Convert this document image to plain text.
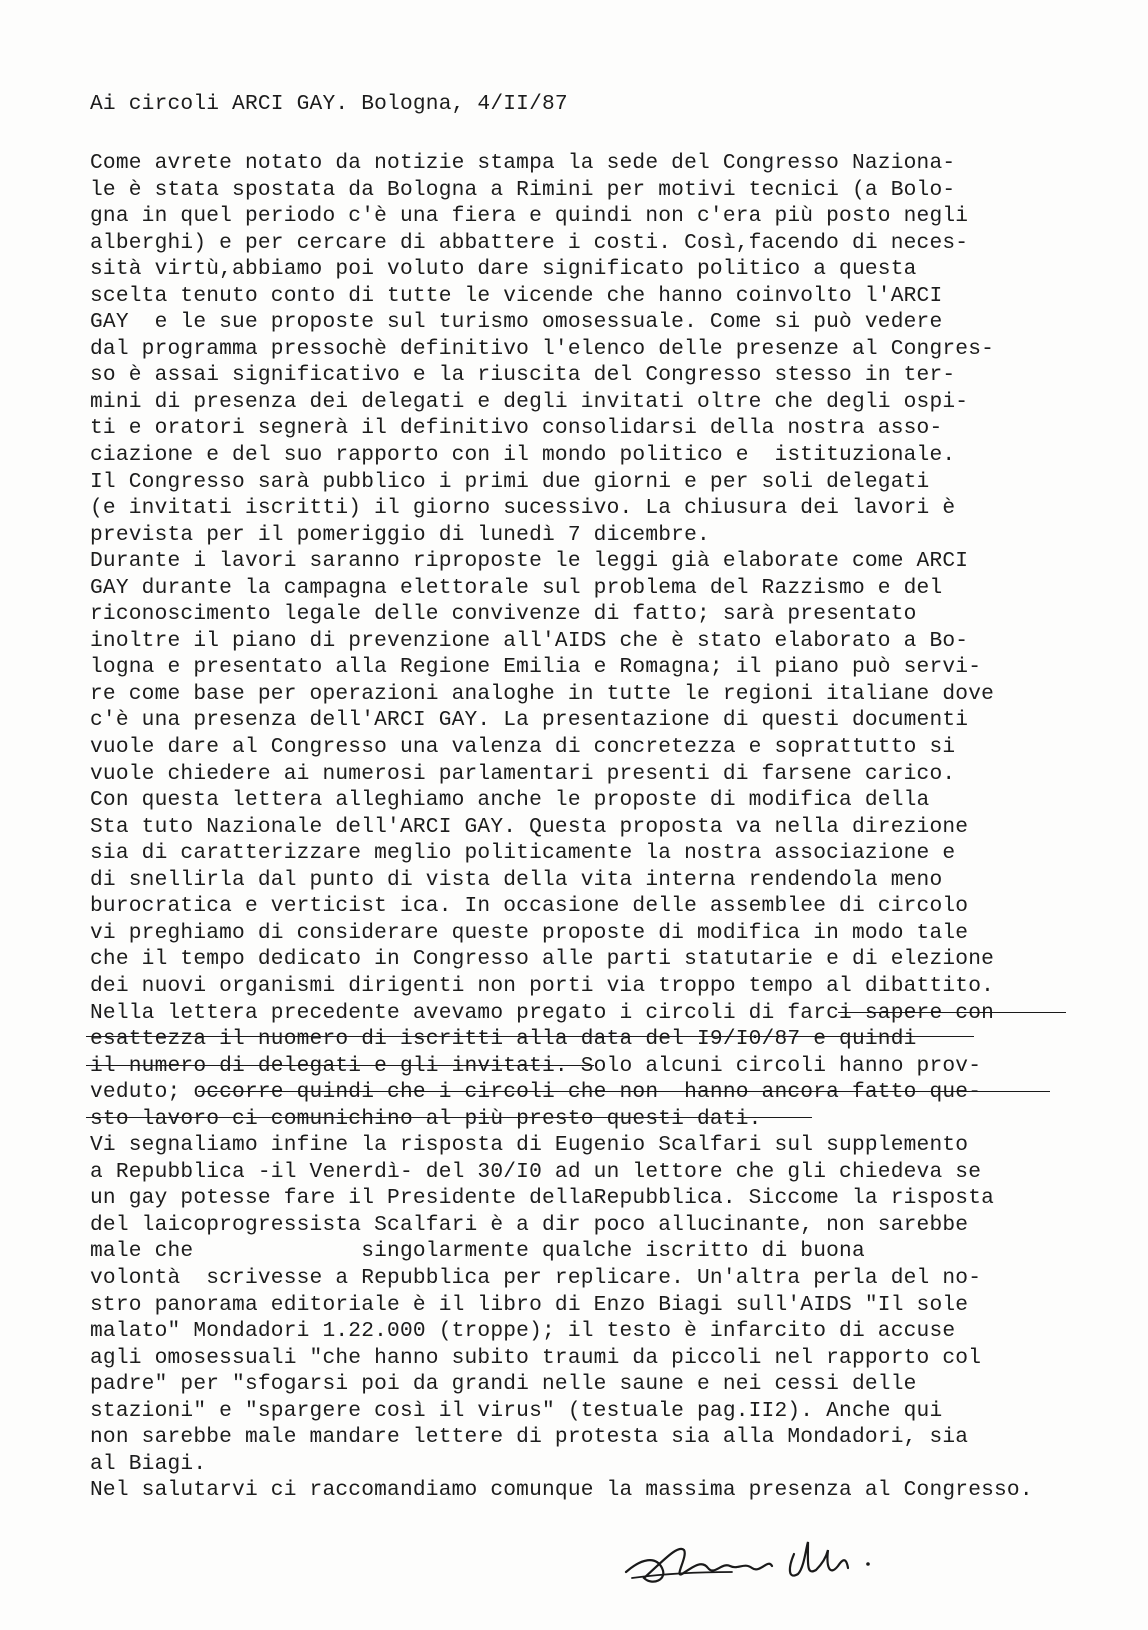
Ai circoli ARCI GAY. Bologna, 4/II/87
Come avrete notato da notizie stampa la sede del Congresso Naziona-
le è stata spostata da Bologna a Rimini per motivi tecnici (a Bolo-
gna in quel periodo c'è una fiera e quindi non c'era più posto negli
alberghi) e per cercare di abbattere i costi. Così,facendo di neces-
sità virtù,abbiamo poi voluto dare significato politico a questa
scelta tenuto conto di tutte le vicende che hanno coinvolto l'ARCI
GAY  e le sue proposte sul turismo omosessuale. Come si può vedere
dal programma pressochè definitivo l'elenco delle presenze al Congres-
so è assai significativo e la riuscita del Congresso stesso in ter-
mini di presenza dei delegati e degli invitati oltre che degli ospi-
ti e oratori segnerà il definitivo consolidarsi della nostra asso-
ciazione e del suo rapporto con il mondo politico e  istituzionale.
Il Congresso sarà pubblico i primi due giorni e per soli delegati
(e invitati iscritti) il giorno sucessivo. La chiusura dei lavori è
prevista per il pomeriggio di lunedì 7 dicembre.
Durante i lavori saranno riproposte le leggi già elaborate come ARCI
GAY durante la campagna elettorale sul problema del Razzismo e del
riconoscimento legale delle convivenze di fatto; sarà presentato
inoltre il piano di prevenzione all'AIDS che è stato elaborato a Bo-
logna e presentato alla Regione Emilia e Romagna; il piano può servi-
re come base per operazioni analoghe in tutte le regioni italiane dove
c'è una presenza dell'ARCI GAY. La presentazione di questi documenti
vuole dare al Congresso una valenza di concretezza e soprattutto si
vuole chiedere ai numerosi parlamentari presenti di farsene carico.
Con questa lettera alleghiamo anche le proposte di modifica della
Sta tuto Nazionale dell'ARCI GAY. Questa proposta va nella direzione
sia di caratterizzare meglio politicamente la nostra associazione e
di snellirla dal punto di vista della vita interna rendendola meno
burocratica e verticist ica. In occasione delle assemblee di circolo
vi preghiamo di considerare queste proposte di modifica in modo tale
che il tempo dedicato in Congresso alle parti statutarie e di elezione
dei nuovi organismi dirigenti non porti via troppo tempo al dibattito.
Nella lettera precedente avevamo pregato i circoli di farci sapere con
esattezza il nuomero di iscritti alla data del I9/I0/87 e quindi
il numero di delegati e gli invitati. Solo alcuni circoli hanno prov-
veduto; occorre quindi che i circoli che non  hanno ancora fatto que-
sto lavoro ci comunichino al più presto questi dati.
Vi segnaliamo infine la risposta di Eugenio Scalfari sul supplemento
a Repubblica -il Venerdì- del 30/I0 ad un lettore che gli chiedeva se
un gay potesse fare il Presidente dellaRepubblica. Siccome la risposta
del laicoprogressista Scalfari è a dir poco allucinante, non sarebbe
male che             singolarmente qualche iscritto di buona
volontà  scrivesse a Repubblica per replicare. Un'altra perla del no-
stro panorama editoriale è il libro di Enzo Biagi sull'AIDS "Il sole
malato" Mondadori 1.22.000 (troppe); il testo è infarcito di accuse
agli omosessuali "che hanno subito traumi da piccoli nel rapporto col
padre" per "sfogarsi poi da grandi nelle saune e nei cessi delle
stazioni" e "spargere così il virus" (testuale pag.II2). Anche qui
non sarebbe male mandare lettere di protesta sia alla Mondadori, sia
al Biagi.
Nel salutarvi ci raccomandiamo comunque la massima presenza al Congresso.
